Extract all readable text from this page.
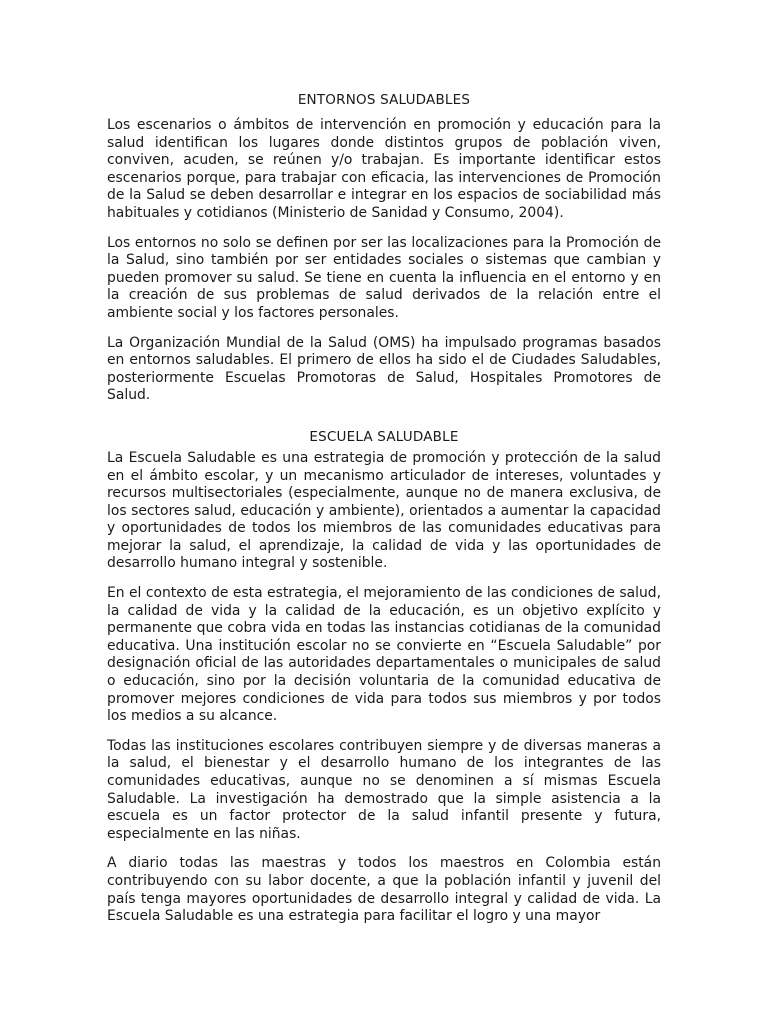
ENTORNOS SALUDABLES

Los escenarios o ámbitos de intervención en promoción y educación para la salud identifican los lugares donde distintos grupos de población viven, conviven, acuden, se reúnen y/o trabajan. Es importante identificar estos escenarios porque, para trabajar con eficacia, las intervenciones de Promoción de la Salud se deben desarrollar e integrar en los espacios de sociabilidad más habituales y cotidianos (Ministerio de Sanidad y Consumo, 2004).

Los entornos no solo se definen por ser las localizaciones para la Promoción de la Salud, sino también por ser entidades sociales o sistemas que cambian y pueden promover su salud. Se tiene en cuenta la influencia en el entorno y en la creación de sus problemas de salud derivados de la relación entre el ambiente social y los factores personales.

La Organización Mundial de la Salud (OMS) ha impulsado programas basados en entornos saludables. El primero de ellos ha sido el de Ciudades Saludables, posteriormente Escuelas Promotoras de Salud, Hospitales Promotores de Salud.

ESCUELA SALUDABLE

La Escuela Saludable es una estrategia de promoción y protección de la salud en el ámbito escolar, y un mecanismo articulador de intereses, voluntades y recursos multisectoriales (especialmente, aunque no de manera exclusiva, de los sectores salud, educación y ambiente), orientados a aumentar la capacidad y oportunidades de todos los miembros de las comunidades educativas para mejorar la salud, el aprendizaje, la calidad de vida y las oportunidades de desarrollo humano integral y sostenible.

En el contexto de esta estrategia, el mejoramiento de las condiciones de salud, la calidad de vida y la calidad de la educación, es un objetivo explícito y permanente que cobra vida en todas las instancias cotidianas de la comunidad educativa. Una institución escolar no se convierte en “Escuela Saludable” por designación oficial de las autoridades departamentales o municipales de salud o educación, sino por la decisión voluntaria de la comunidad educativa de promover mejores condiciones de vida para todos sus miembros y por todos los medios a su alcance.

Todas las instituciones escolares contribuyen siempre y de diversas maneras a la salud, el bienestar y el desarrollo humano de los integrantes de las comunidades educativas, aunque no se denominen a sí mismas Escuela Saludable. La investigación ha demostrado que la simple asistencia a la escuela es un factor protector de la salud infantil presente y futura, especialmente en las niñas.

A diario todas las maestras y todos los maestros en Colombia están contribuyendo con su labor docente, a que la población infantil y juvenil del país tenga mayores oportunidades de desarrollo integral y calidad de vida. La Escuela Saludable es una estrategia para facilitar el logro y una mayor
